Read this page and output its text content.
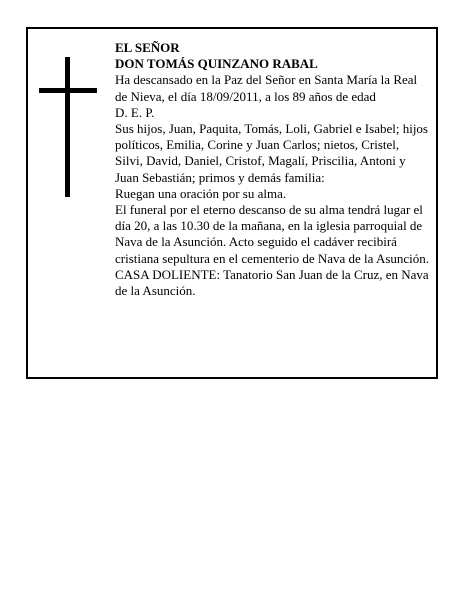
EL SEÑOR

DON TOMÁS QUINZANO RABAL

Ha descansado en la Paz del Señor en Santa María la Real de Nieva, el día 18/09/2011, a los 89 años de edad

D. E. P.

Sus hijos, Juan, Paquita, Tomás, Loli, Gabriel e Isabel; hijos políticos, Emilia, Corine y Juan Carlos; nietos, Cristel, Silvi, David, Daniel, Cristof, Magalí, Priscilia, Antoni y Juan Sebastián; primos y demás familia:

Ruegan una oración por su alma.

El funeral por el eterno descanso de su alma tendrá lugar el día 20, a las 10.30 de la mañana, en la iglesia parroquial de Nava de la Asunción. Acto seguido el cadáver recibirá cristiana sepultura en el cementerio de Nava de la Asunción.

CASA DOLIENTE: Tanatorio San Juan de la Cruz, en Nava de la Asunción.
